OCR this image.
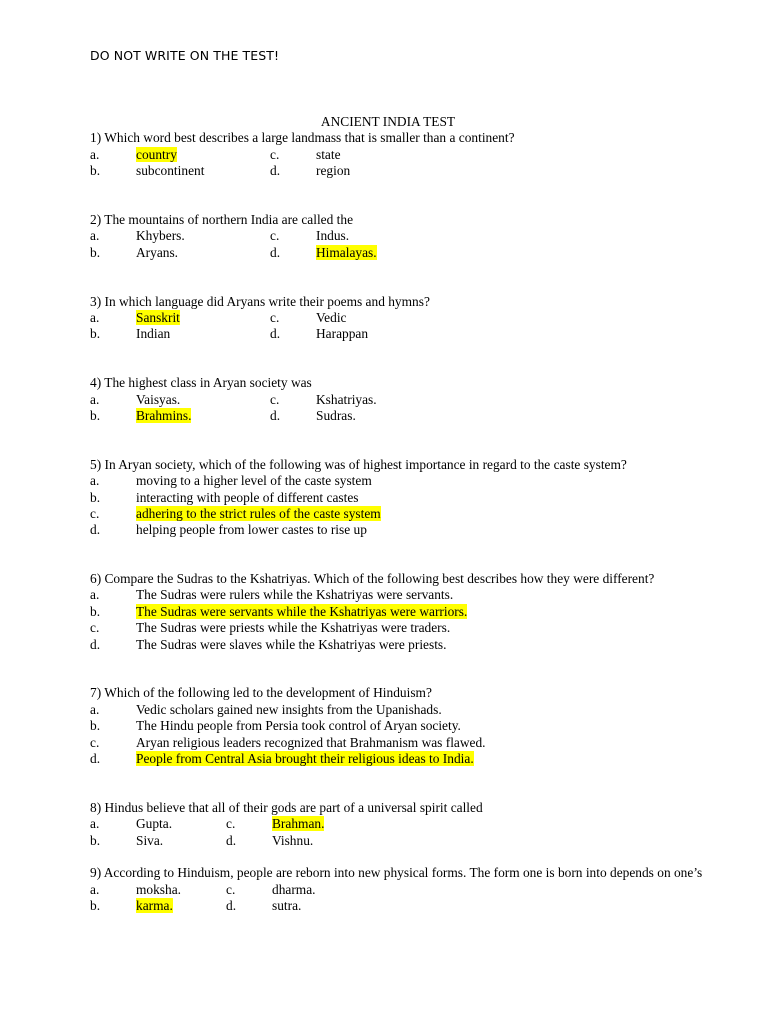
DO NOT WRITE ON THE TEST!
ANCIENT INDIA TEST
1) Which word best describes a large landmass that is smaller than a continent?
a.	country	c.	state
b.	subcontinent	d.	region
2) The mountains of northern India are called the
a.	Khybers.	c.	Indus.
b.	Aryans.	d.	Himalayas.
3) In which language did Aryans write their poems and hymns?
a.	Sanskrit	c.	Vedic
b.	Indian	d.	Harappan
4) The highest class in Aryan society was
a.	Vaisyas.	c.	Kshatriyas.
b.	Brahmins.	d.	Sudras.
5) In Aryan society, which of the following was of highest importance in regard to the caste system?
a.	moving to a higher level of the caste system
b.	interacting with people of different castes
c.	adhering to the strict rules of the caste system
d.	helping people from lower castes to rise up
6) Compare the Sudras to the Kshatriyas. Which of the following best describes how they were different?
a.	The Sudras were rulers while the Kshatriyas were servants.
b.	The Sudras were servants while the Kshatriyas were warriors.
c.	The Sudras were priests while the Kshatriyas were traders.
d.	The Sudras were slaves while the Kshatriyas were priests.
7) Which of the following led to the development of Hinduism?
a.	Vedic scholars gained new insights from the Upanishads.
b.	The Hindu people from Persia took control of Aryan society.
c.	Aryan religious leaders recognized that Brahmanism was flawed.
d.	People from Central Asia brought their religious ideas to India.
8) Hindus believe that all of their gods are part of a universal spirit called
a.	Gupta.	c.	Brahman.
b.	Siva.	d.	Vishnu.
9) According to Hinduism, people are reborn into new physical forms. The form one is born into depends on one’s
a.	moksha.	c.	dharma.
b.	karma.	d.	sutra.
